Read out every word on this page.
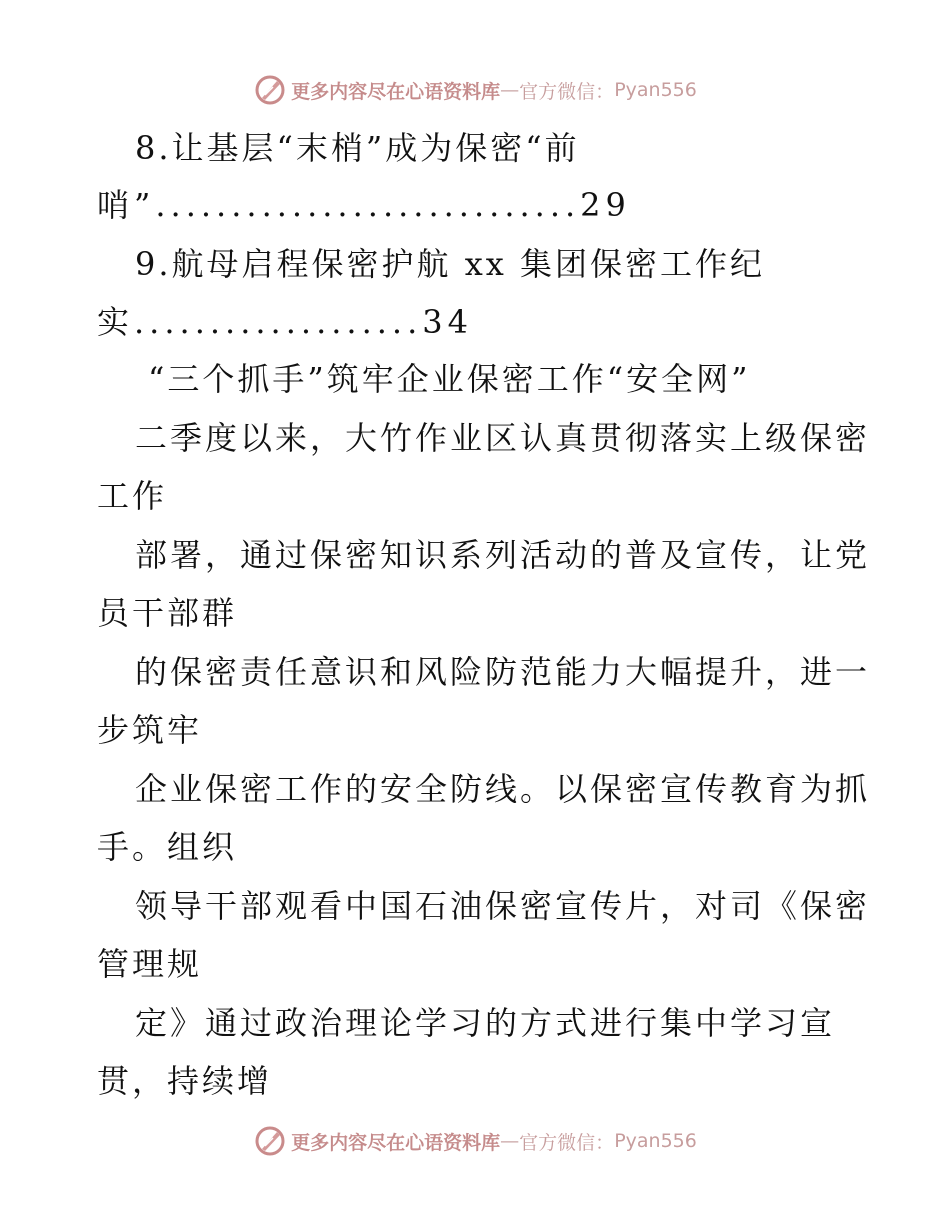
更多内容尽在心语资料库 — 官方微信： Pyan556
8.让基层“末梢”成为保密“前
哨”............................29
9.航母启程保密护航 xx 集团保密工作纪
实...................34
“三个抓手”筑牢企业保密工作“安全网”
二季度以来，大竹作业区认真贯彻落实上级保密
工作
部署，通过保密知识系列活动的普及宣传，让党
员干部群
的保密责任意识和风险防范能力大幅提升，进一
步筑牢
企业保密工作的安全防线。以保密宣传教育为抓
手。组织
领导干部观看中国石油保密宣传片，对司《保密
管理规
定》通过政治理论学习的方式进行集中学习宣
贯，持续增
更多内容尽在心语资料库 — 官方微信： Pyan556
